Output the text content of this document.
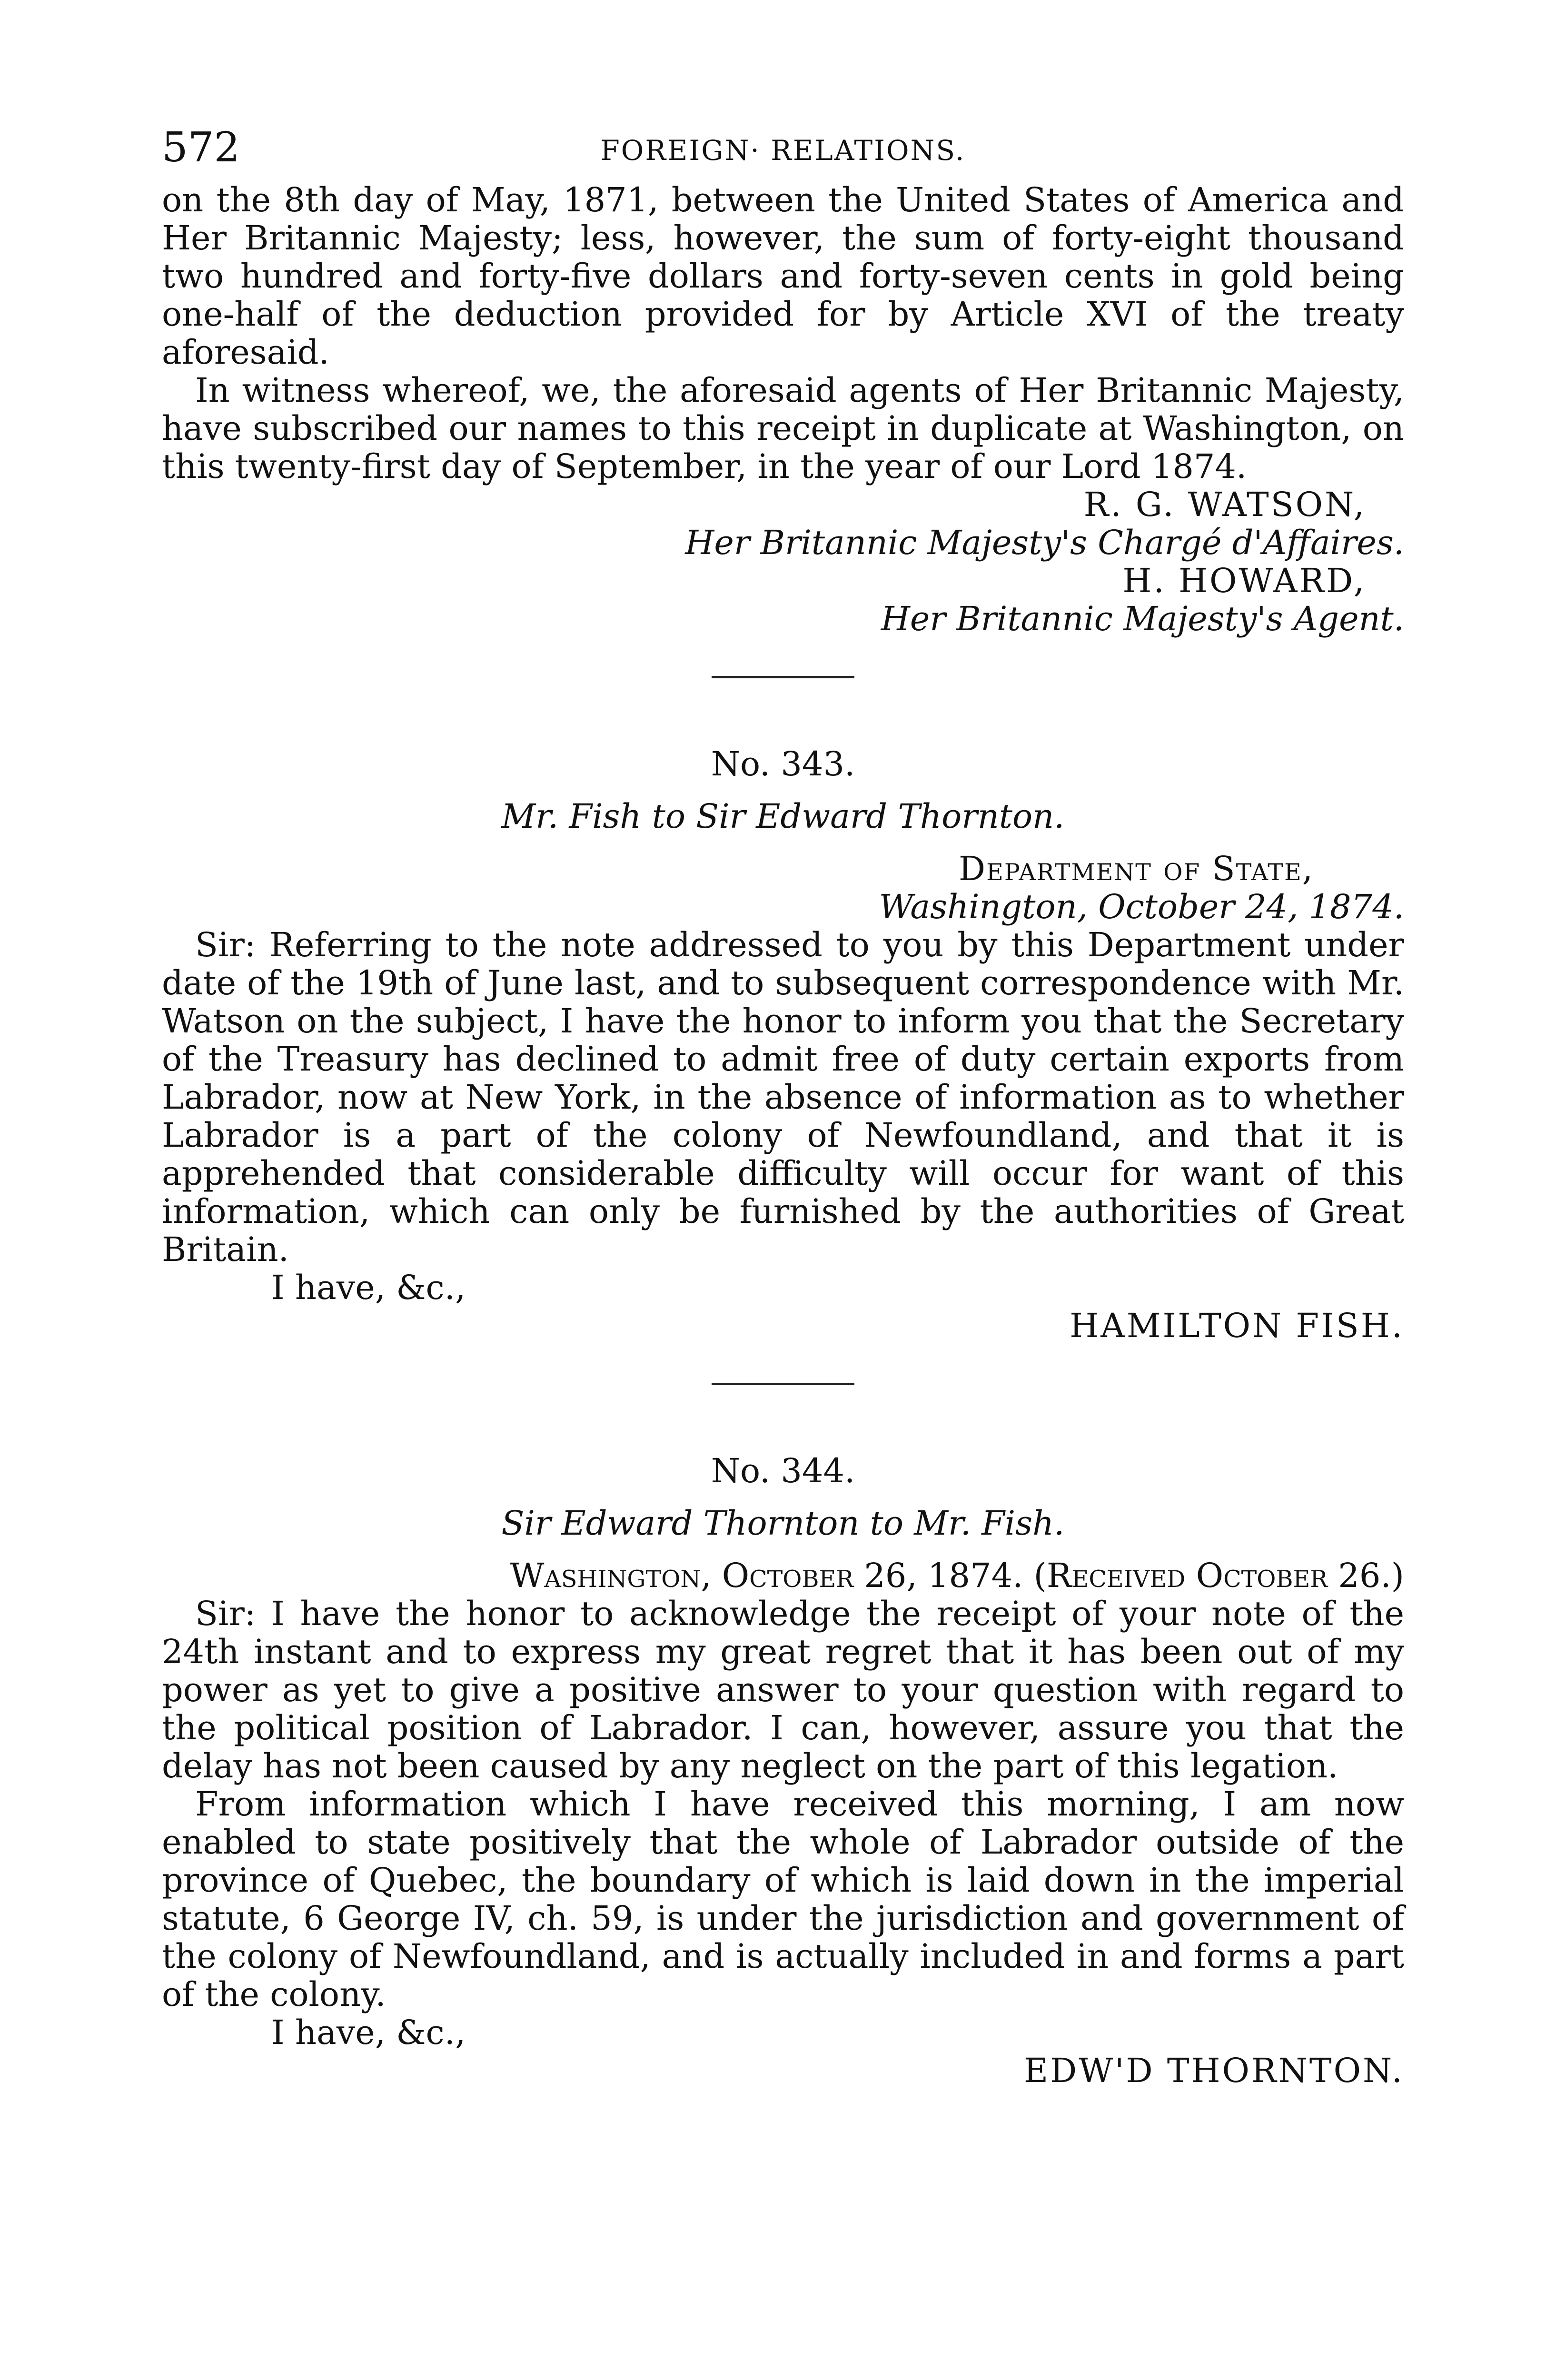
572	FOREIGN· RELATIONS.

on the 8th day of May, 1871, between the United States of America and Her Britannic Majesty; less, however, the sum of forty-eight thousand two hundred and forty-five dollars and forty-seven cents in gold being one-half of the deduction provided for by Article XVI of the treaty aforesaid.

In witness whereof, we, the aforesaid agents of Her Britannic Majesty, have subscribed our names to this receipt in duplicate at Washington, on this twenty-first day of September, in the year of our Lord 1874.

R. G. WATSON,

Her Britannic Majesty's Chargé d'Affaires.

H. HOWARD,

Her Britannic Majesty's Agent.

No. 343.

Mr. Fish to Sir Edward Thornton.

Department of State,

Washington, October 24, 1874.

Sir: Referring to the note addressed to you by this Department under date of the 19th of June last, and to subsequent correspondence with Mr. Watson on the subject, I have the honor to inform you that the Secretary of the Treasury has declined to admit free of duty certain exports from Labrador, now at New York, in the absence of information as to whether Labrador is a part of the colony of Newfoundland, and that it is apprehended that considerable difficulty will occur for want of this information, which can only be furnished by the authorities of Great Britain.

I have, &c.,

HAMILTON FISH.

No. 344.

Sir Edward Thornton to Mr. Fish.

Washington, October 26, 1874. (Received October 26.)

Sir: I have the honor to acknowledge the receipt of your note of the 24th instant and to express my great regret that it has been out of my power as yet to give a positive answer to your question with regard to the political position of Labrador. I can, however, assure you that the delay has not been caused by any neglect on the part of this legation.

From information which I have received this morning, I am now enabled to state positively that the whole of Labrador outside of the province of Quebec, the boundary of which is laid down in the imperial statute, 6 George IV, ch. 59, is under the jurisdiction and government of the colony of Newfoundland, and is actually included in and forms a part of the colony.

I have, &c.,

EDW'D THORNTON.
